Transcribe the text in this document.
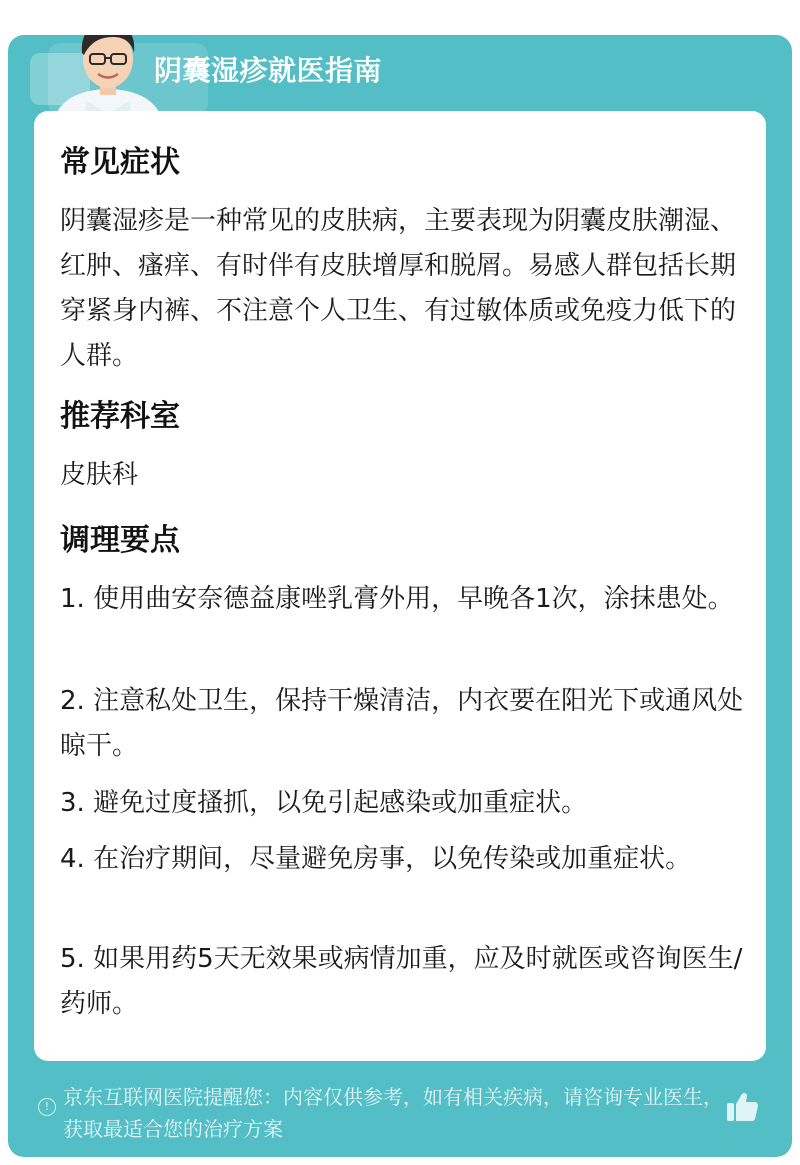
阴囊湿疹就医指南
常见症状
阴囊湿疹是一种常见的皮肤病，主要表现为阴囊皮肤潮湿、红肿、瘙痒、有时伴有皮肤增厚和脱屑。易感人群包括长期穿紧身内裤、不注意个人卫生、有过敏体质或免疫力低下的人群。
推荐科室
皮肤科
调理要点
1. 使用曲安奈德益康唑乳膏外用，早晚各1次，涂抹患处。
2. 注意私处卫生，保持干燥清洁，内衣要在阳光下或通风处晾干。
3. 避免过度搔抓，以免引起感染或加重症状。
4. 在治疗期间，尽量避免房事，以免传染或加重症状。
5. 如果用药5天无效果或病情加重，应及时就医或咨询医生/药师。
! 京东互联网医院提醒您：内容仅供参考，如有相关疾病，请咨询专业医生，获取最适合您的治疗方案
